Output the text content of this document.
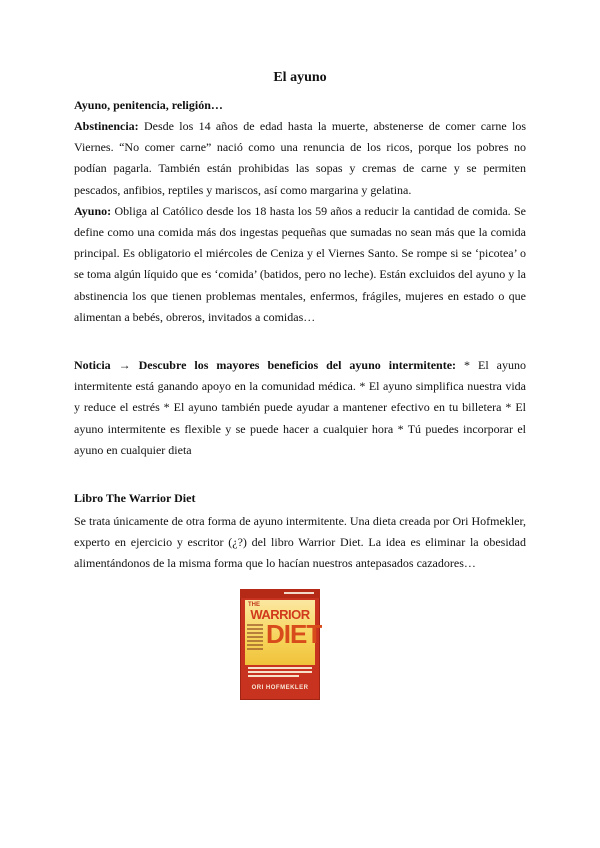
El ayuno
Ayuno, penitencia, religión…

Abstinencia: Desde los 14 años de edad hasta la muerte, abstenerse de comer carne los Viernes. “No comer carne” nació como una renuncia de los ricos, porque los pobres no podían pagarla. También están prohibidas las sopas y cremas de carne y se permiten pescados, anfibios, reptiles y mariscos, así como margarina y gelatina.

Ayuno: Obliga al Católico desde los 18 hasta los 59 años a reducir la cantidad de comida. Se define como una comida más dos ingestas pequeñas que sumadas no sean más que la comida principal. Es obligatorio el miércoles de Ceniza y el Viernes Santo. Se rompe si se ‘picotea’ o se toma algún líquido que es ‘comida’ (batidos, pero no leche). Están excluidos del ayuno y la abstinencia los que tienen problemas mentales, enfermos, frágiles, mujeres en estado o que alimentan a bebés, obreros, invitados a comidas…

Noticia → Descubre los mayores beneficios del ayuno intermitente: * El ayuno intermitente está ganando apoyo en la comunidad médica. * El ayuno simplifica nuestra vida y reduce el estrés * El ayuno también puede ayudar a mantener efectivo en tu billetera * El ayuno intermitente es flexible y se puede hacer a cualquier hora * Tú puedes incorporar el ayuno en cualquier dieta

Libro The Warrior Diet

Se trata únicamente de otra forma de ayuno intermitente. Una dieta creada por Ori Hofmekler, experto en ejercicio y escritor (¿?) del libro Warrior Diet. La idea es eliminar la obesidad alimentándonos de la misma forma que lo hacían nuestros antepasados cazadores…

THE
WARRIOR
DIET
ORI HOFMEKLER
